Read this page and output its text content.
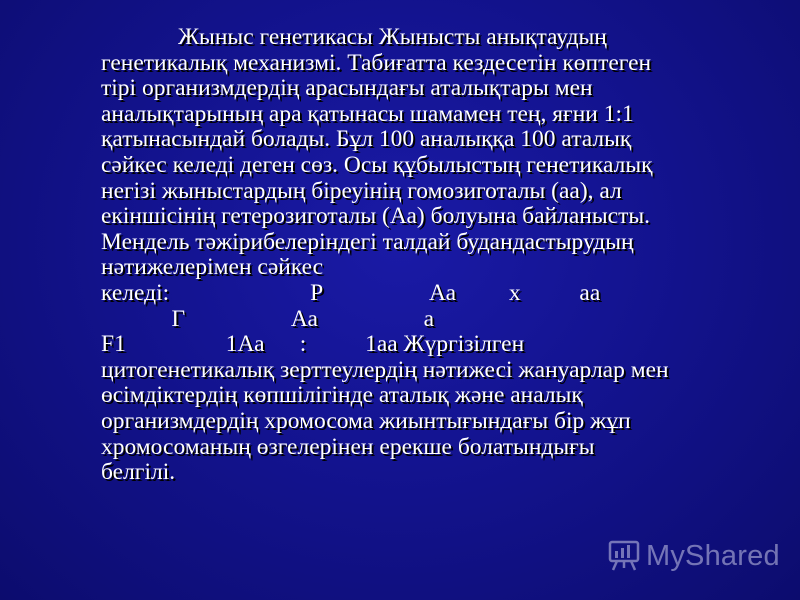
Жыныс генетикасы Жынысты анықтаудың
генетикалық механизмі. Табиғатта кездесетін көптеген
тірі организмдердің арасындағы аталықтары мен
аналықтарының ара қатынасы шамамен тең, яғни 1:1
қатынасындай болады. Бұл 100 аналыққа 100 аталық
сәйкес келеді деген сөз. Осы құбылыстың генетикалық
негізі жыныстардың біреуінің гомозиготалы (аа), ал
екіншісінің гетерозиготалы (Аа) болуына байланысты.
Мендель тәжірибелеріндегі талдай будандастырудың
нәтижелерімен сәйкес
келеді:                        Р                  Аа         х          аа
Г                  Аа                  а
F1                 1Аа      :          1аа Жүргізілген
цитогенетикалық зерттеулердің нәтижесі жануарлар мен
өсімдіктердің көпшілігінде аталық және аналық
организмдердің хромосома жиынтығындағы бір жұп
хромосоманың өзгелерінен ерекше болатындығы
белгілі.
MyShared
